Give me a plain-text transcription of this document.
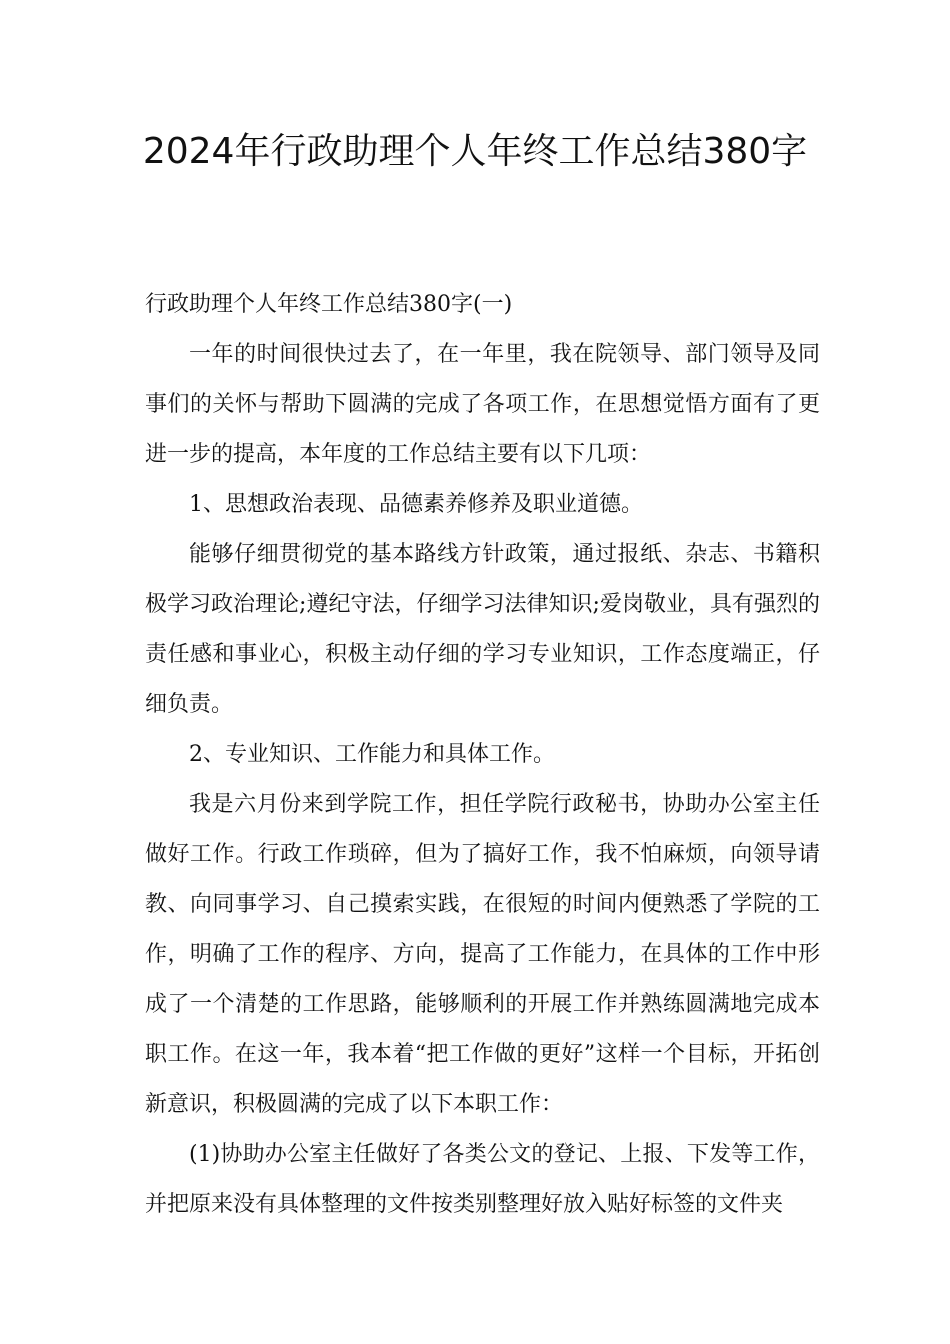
2024年行政助理个人年终工作总结380字

行政助理个人年终工作总结380字(一)

一年的时间很快过去了，在一年里，我在院领导、部门领导及同事们的关怀与帮助下圆满的完成了各项工作，在思想觉悟方面有了更进一步的提高，本年度的工作总结主要有以下几项：

1、思想政治表现、品德素养修养及职业道德。

能够仔细贯彻党的基本路线方针政策，通过报纸、杂志、书籍积极学习政治理论;遵纪守法，仔细学习法律知识;爱岗敬业，具有强烈的责任感和事业心，积极主动仔细的学习专业知识，工作态度端正，仔细负责。

2、专业知识、工作能力和具体工作。

我是六月份来到学院工作，担任学院行政秘书，协助办公室主任做好工作。行政工作琐碎，但为了搞好工作，我不怕麻烦，向领导请教、向同事学习、自己摸索实践，在很短的时间内便熟悉了学院的工作，明确了工作的程序、方向，提高了工作能力，在具体的工作中形成了一个清楚的工作思路，能够顺利的开展工作并熟练圆满地完成本职工作。在这一年，我本着“把工作做的更好”这样一个目标，开拓创新意识，积极圆满的完成了以下本职工作：

(1)协助办公室主任做好了各类公文的登记、上报、下发等工作，并把原来没有具体整理的文件按类别整理好放入贴好标签的文件夹
